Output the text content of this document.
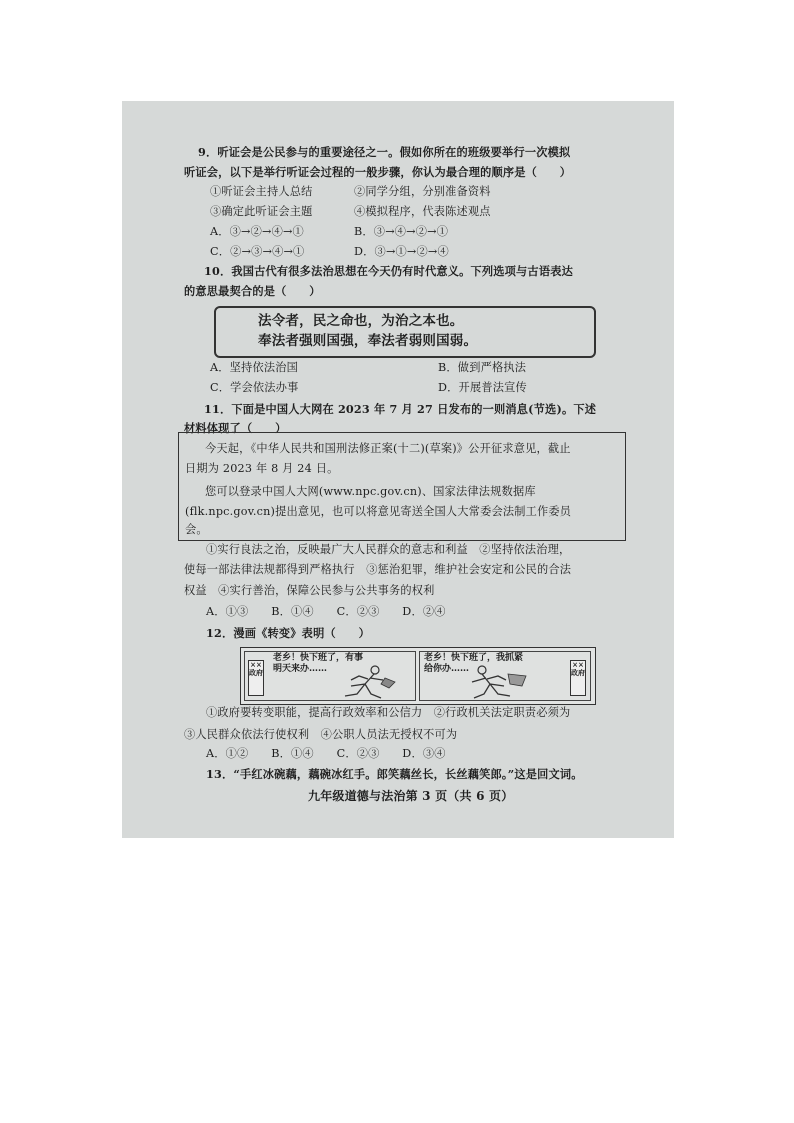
9．听证会是公民参与的重要途径之一。假如你所在的班级要举行一次模拟
听证会，以下是举行听证会过程的一般步骤，你认为最合理的顺序是（　　）
①听证会主持人总结	②同学分组，分别准备资料
③确定此听证会主题	④模拟程序，代表陈述观点
A．③→②→④→①	B．③→④→②→①
C．②→③→④→①	D．③→①→②→④
10．我国古代有很多法治思想在今天仍有时代意义。下列选项与古语表达
的意思最契合的是（　　）
法令者，民之命也，为治之本也。
奉法者强则国强，奉法者弱则国弱。
A．坚持依法治国	B．做到严格执法
C．学会依法办事	D．开展普法宣传
11．下面是中国人大网在 2023 年 7 月 27 日发布的一则消息(节选)。下述
材料体现了（　　）
今天起，《中华人民共和国刑法修正案(十二)(草案)》公开征求意见，截止
日期为 2023 年 8 月 24 日。
您可以登录中国人大网(www.npc.gov.cn)、国家法律法规数据库
(flk.npc.gov.cn)提出意见，也可以将意见寄送全国人大常委会法制工作委员
会。
①实行良法之治，反映最广大人民群众的意志和利益　②坚持依法治理，
使每一部法律法规都得到严格执行　③惩治犯罪，维护社会安定和公民的合法
权益　④实行善治，保障公民参与公共事务的权利
A．①③　　B．①④　　C．②③　　D．②④
12．漫画《转变》表明（　　）
老乡！快下班了，有事
明天来办……
××
政府
老乡！快下班了，我抓紧
给你办……	××
政府
①政府要转变职能，提高行政效率和公信力　②行政机关法定职责必须为
③人民群众依法行使权利　④公职人员法无授权不可为
A．①②　　B．①④　　C．②③　　D．③④
13．“手红冰碗藕，藕碗冰红手。郎笑藕丝长，长丝藕笑郎。”这是回文词。
九年级道德与法治第 3 页（共 6 页）
